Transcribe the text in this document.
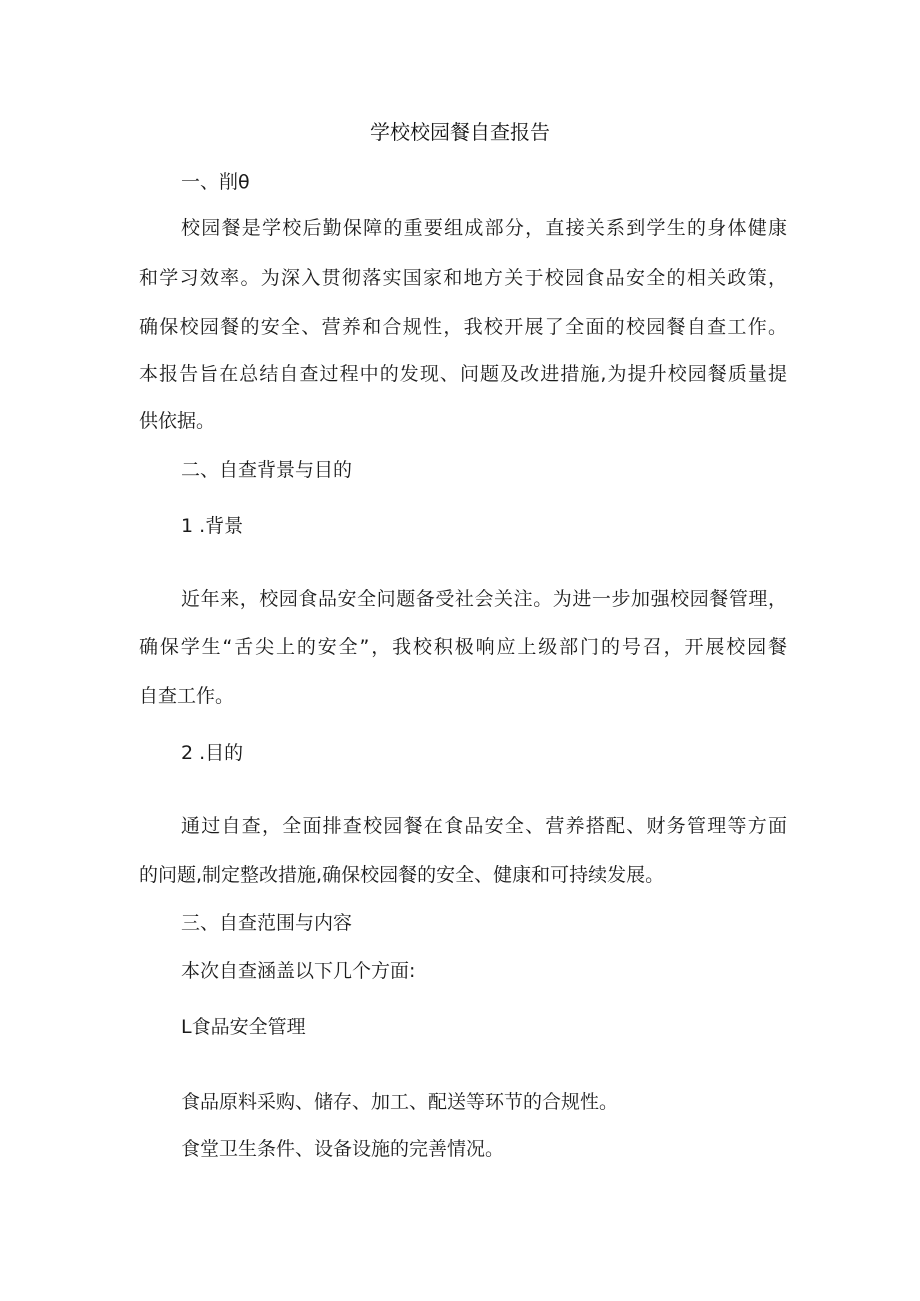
学校校园餐自查报告
一、削θ
校园餐是学校后勤保障的重要组成部分，直接关系到学生的身体健康
和学习效率。为深入贯彻落实国家和地方关于校园食品安全的相关政策，
确保校园餐的安全、营养和合规性，我校开展了全面的校园餐自查工作。
本报告旨在总结自查过程中的发现、问题及改进措施,为提升校园餐质量提
供依据。
二、自查背景与目的
1 .背景
近年来，校园食品安全问题备受社会关注。为进一步加强校园餐管理，
确保学生“舌尖上的安全”，我校积极响应上级部门的号召，开展校园餐
自查工作。
2 .目的
通过自查，全面排查校园餐在食品安全、营养搭配、财务管理等方面
的问题,制定整改措施,确保校园餐的安全、健康和可持续发展。
三、自查范围与内容
本次自查涵盖以下几个方面:
L食品安全管理
食品原料采购、储存、加工、配送等环节的合规性。
食堂卫生条件、设备设施的完善情况。
